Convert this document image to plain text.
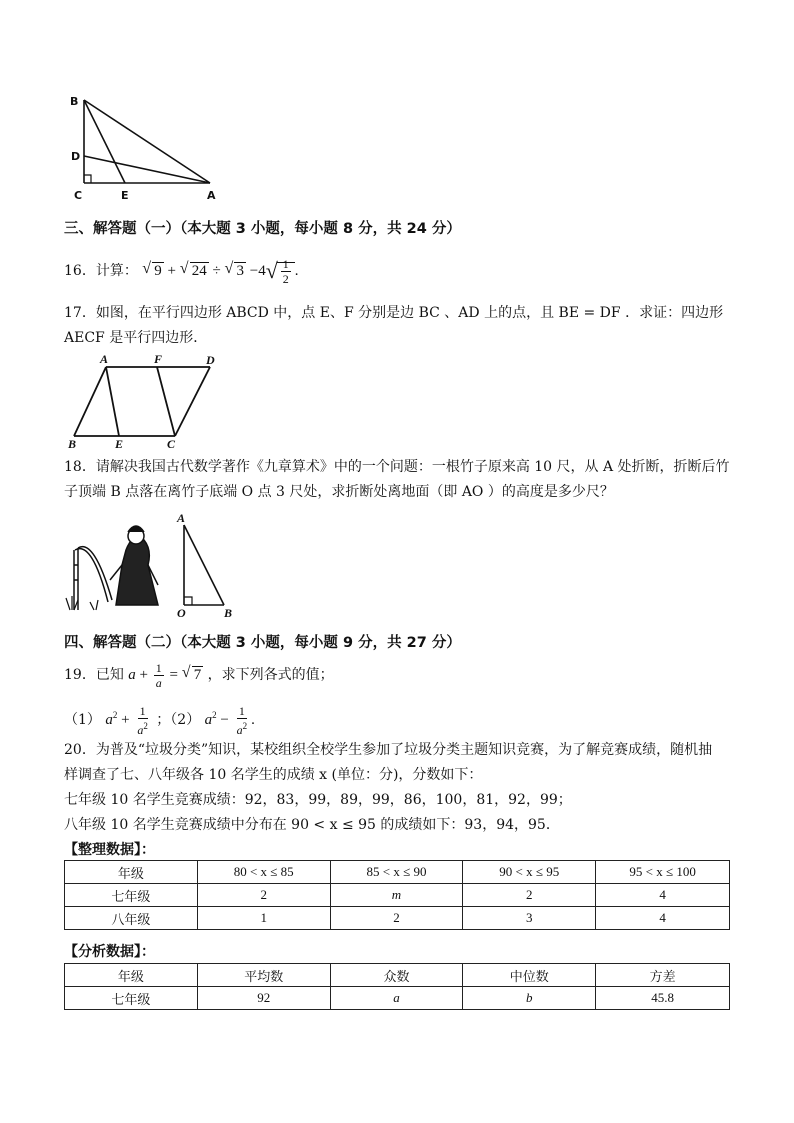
B
D
C	E	A
三、解答题（一）（本大题 3 小题，每小题 8 分，共 24 分）
16．计算： √ 9 + √ 24 ÷ √ 3 −4 √ $\frac{1}{2}$ .
17．如图，在平行四边形 ABCD 中，点 E、F 分别是边 BC 、AD 上的点，且 BE = DF ．求证：四边形
AECF 是平行四边形．
A	F	D
B	E	C
18．请解决我国古代数学著作《九章算术》中的一个问题：一根竹子原来高 10 尺，从 A 处折断，折断后竹
子顶端 B 点落在离竹子底端 O 点 3 尺处，求折断处离地面（即 AO ）的高度是多少尺？
A
O	B
四、解答题（二）（本大题 3 小题，每小题 9 分，共 27 分）
19．已知 $a + \frac{1}{a}$ = √ 7 ，求下列各式的值；
（1） $a^2 + \frac{1}{a^2}$ ；（2） $a^2 - \frac{1}{a^2}$ .
20．为普及“垃圾分类”知识，某校组织全校学生参加了垃圾分类主题知识竞赛，为了解竞赛成绩，随机抽
样调查了七、八年级各 10 名学生的成绩 x (单位：分)，分数如下：
七年级 10 名学生竞赛成绩：92，83，99，89，99，86，100，81，92，99；
八年级 10 名学生竞赛成绩中分布在 90 < x ≤ 95 的成绩如下：93，94，95．
【整理数据】：
年级	80 < x ≤ 85	85 < x ≤ 90	90 < x ≤ 95	95 < x ≤ 100
七年级	2	m	2	4
八年级	1	2	3	4
【分析数据】：
年级	平均数	众数	中位数	方差
七年级	92	a	b	45.8
